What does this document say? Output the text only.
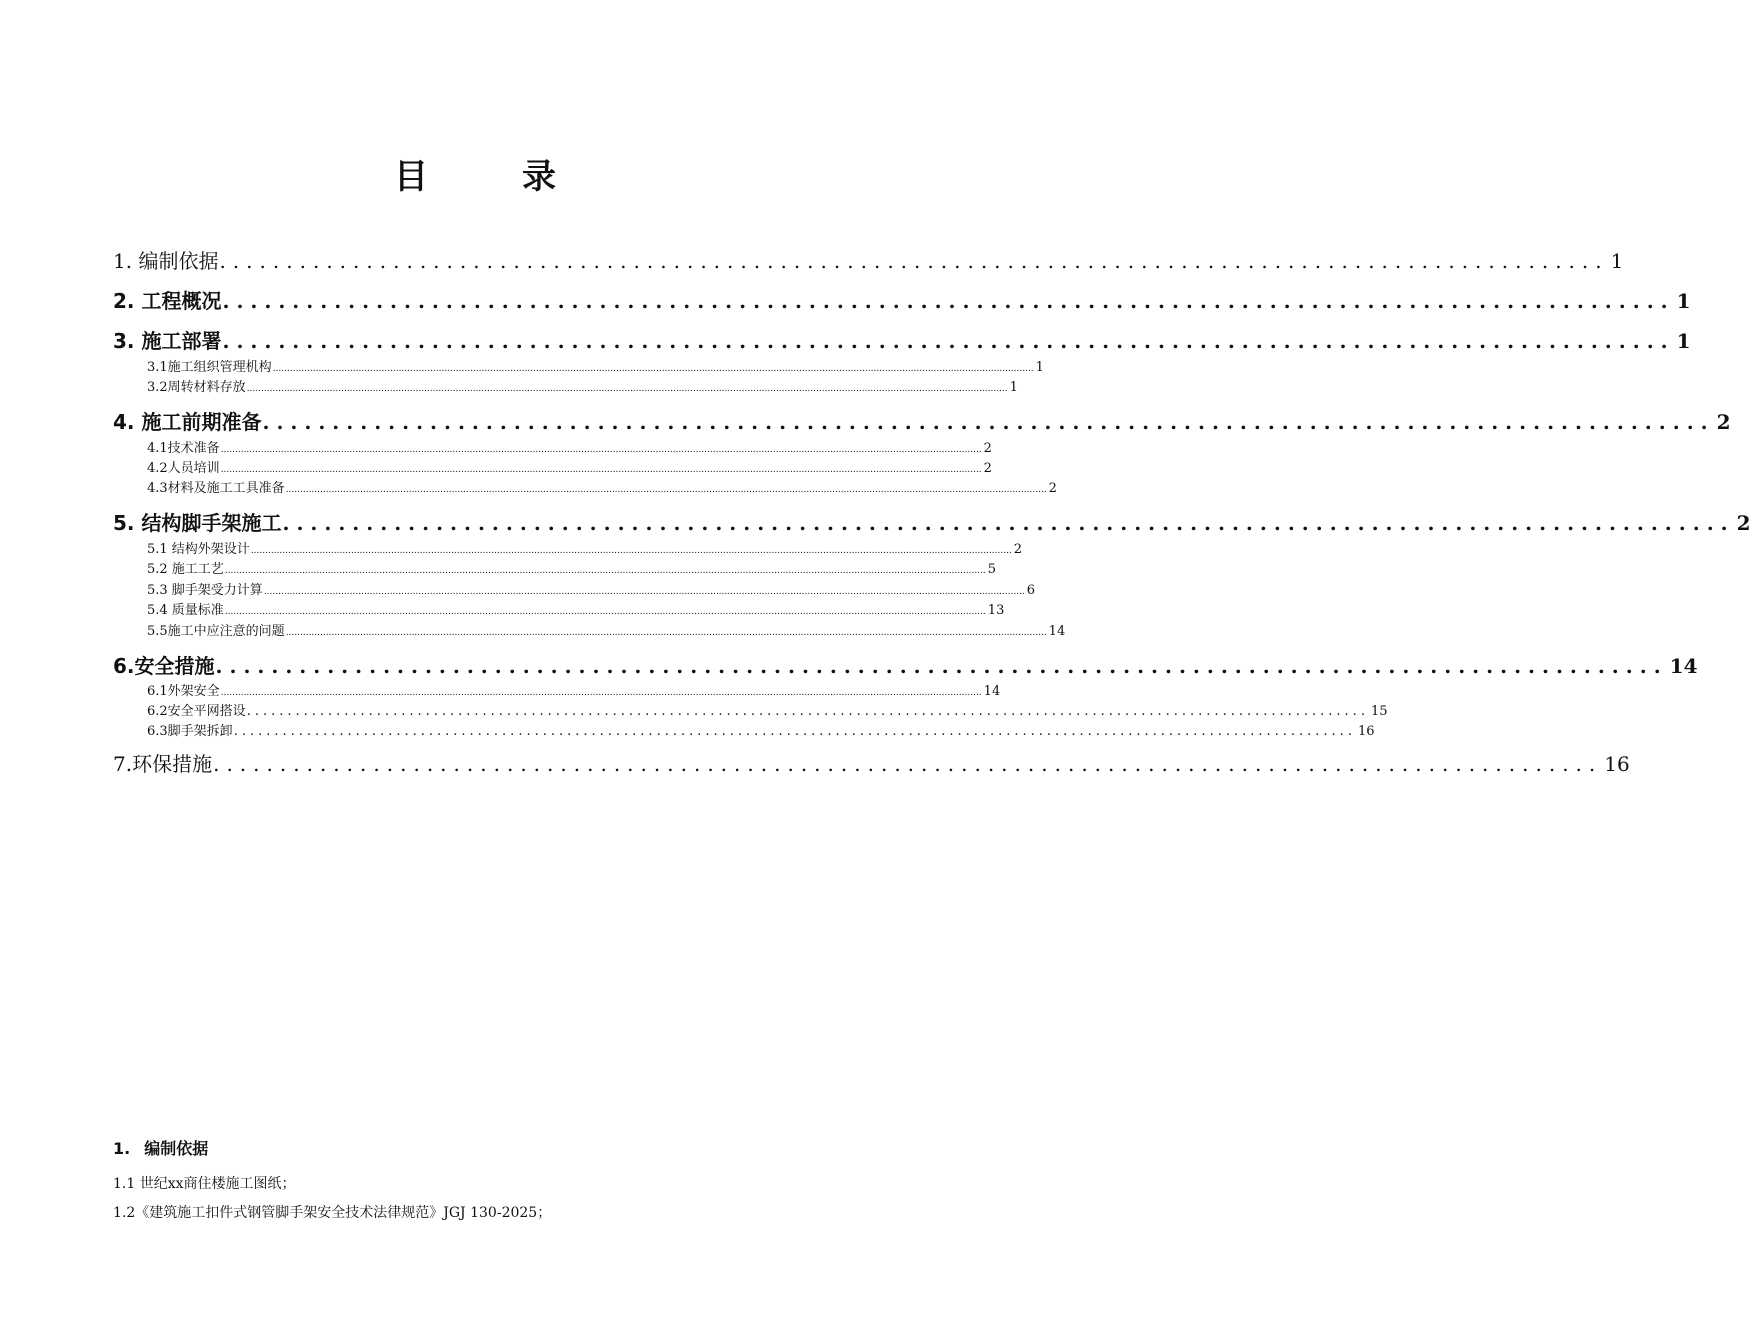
目　录
1. 编制依据 ........................................................................................................ 1
2. 工程概况 ........................................................................................................ 1
3. 施工部署 ........................................................................................................ 1
3.1施工组织管理机构 .......................................................................................................................................................................................................................................................................... 1
3.2周转材料存放 .......................................................................................................................................................................................................................................................................... 1
4. 施工前期准备 ........................................................................................................ 2
4.1技术准备 .......................................................................................................................................................................................................................................................................... 2
4.2人员培训 .......................................................................................................................................................................................................................................................................... 2
4.3材料及施工工具准备 .......................................................................................................................................................................................................................................................................... 2
5. 结构脚手架施工 ........................................................................................................ 2
5.1 结构外架设计 .......................................................................................................................................................................................................................................................................... 2
5.2 施工工艺 .......................................................................................................................................................................................................................................................................... 5
5.3 脚手架受力计算 .......................................................................................................................................................................................................................................................................... 6
5.4 质量标准 .......................................................................................................................................................................................................................................................................... 13
5.5施工中应注意的问题 .......................................................................................................................................................................................................................................................................... 14
6.安全措施 ........................................................................................................ 14
6.1外架安全 .......................................................................................................................................................................................................................................................................... 14
6.2安全平网搭设 .......................................................................................................................................... 15
6.3脚手架拆卸 .......................................................................................................................................... 16
7.环保措施 ........................................................................................................ 16
1. 编制依据

1.1 世纪xx商住楼施工图纸；

1.2《建筑施工扣件式钢管脚手架安全技术法律规范》JGJ 130-2025；
